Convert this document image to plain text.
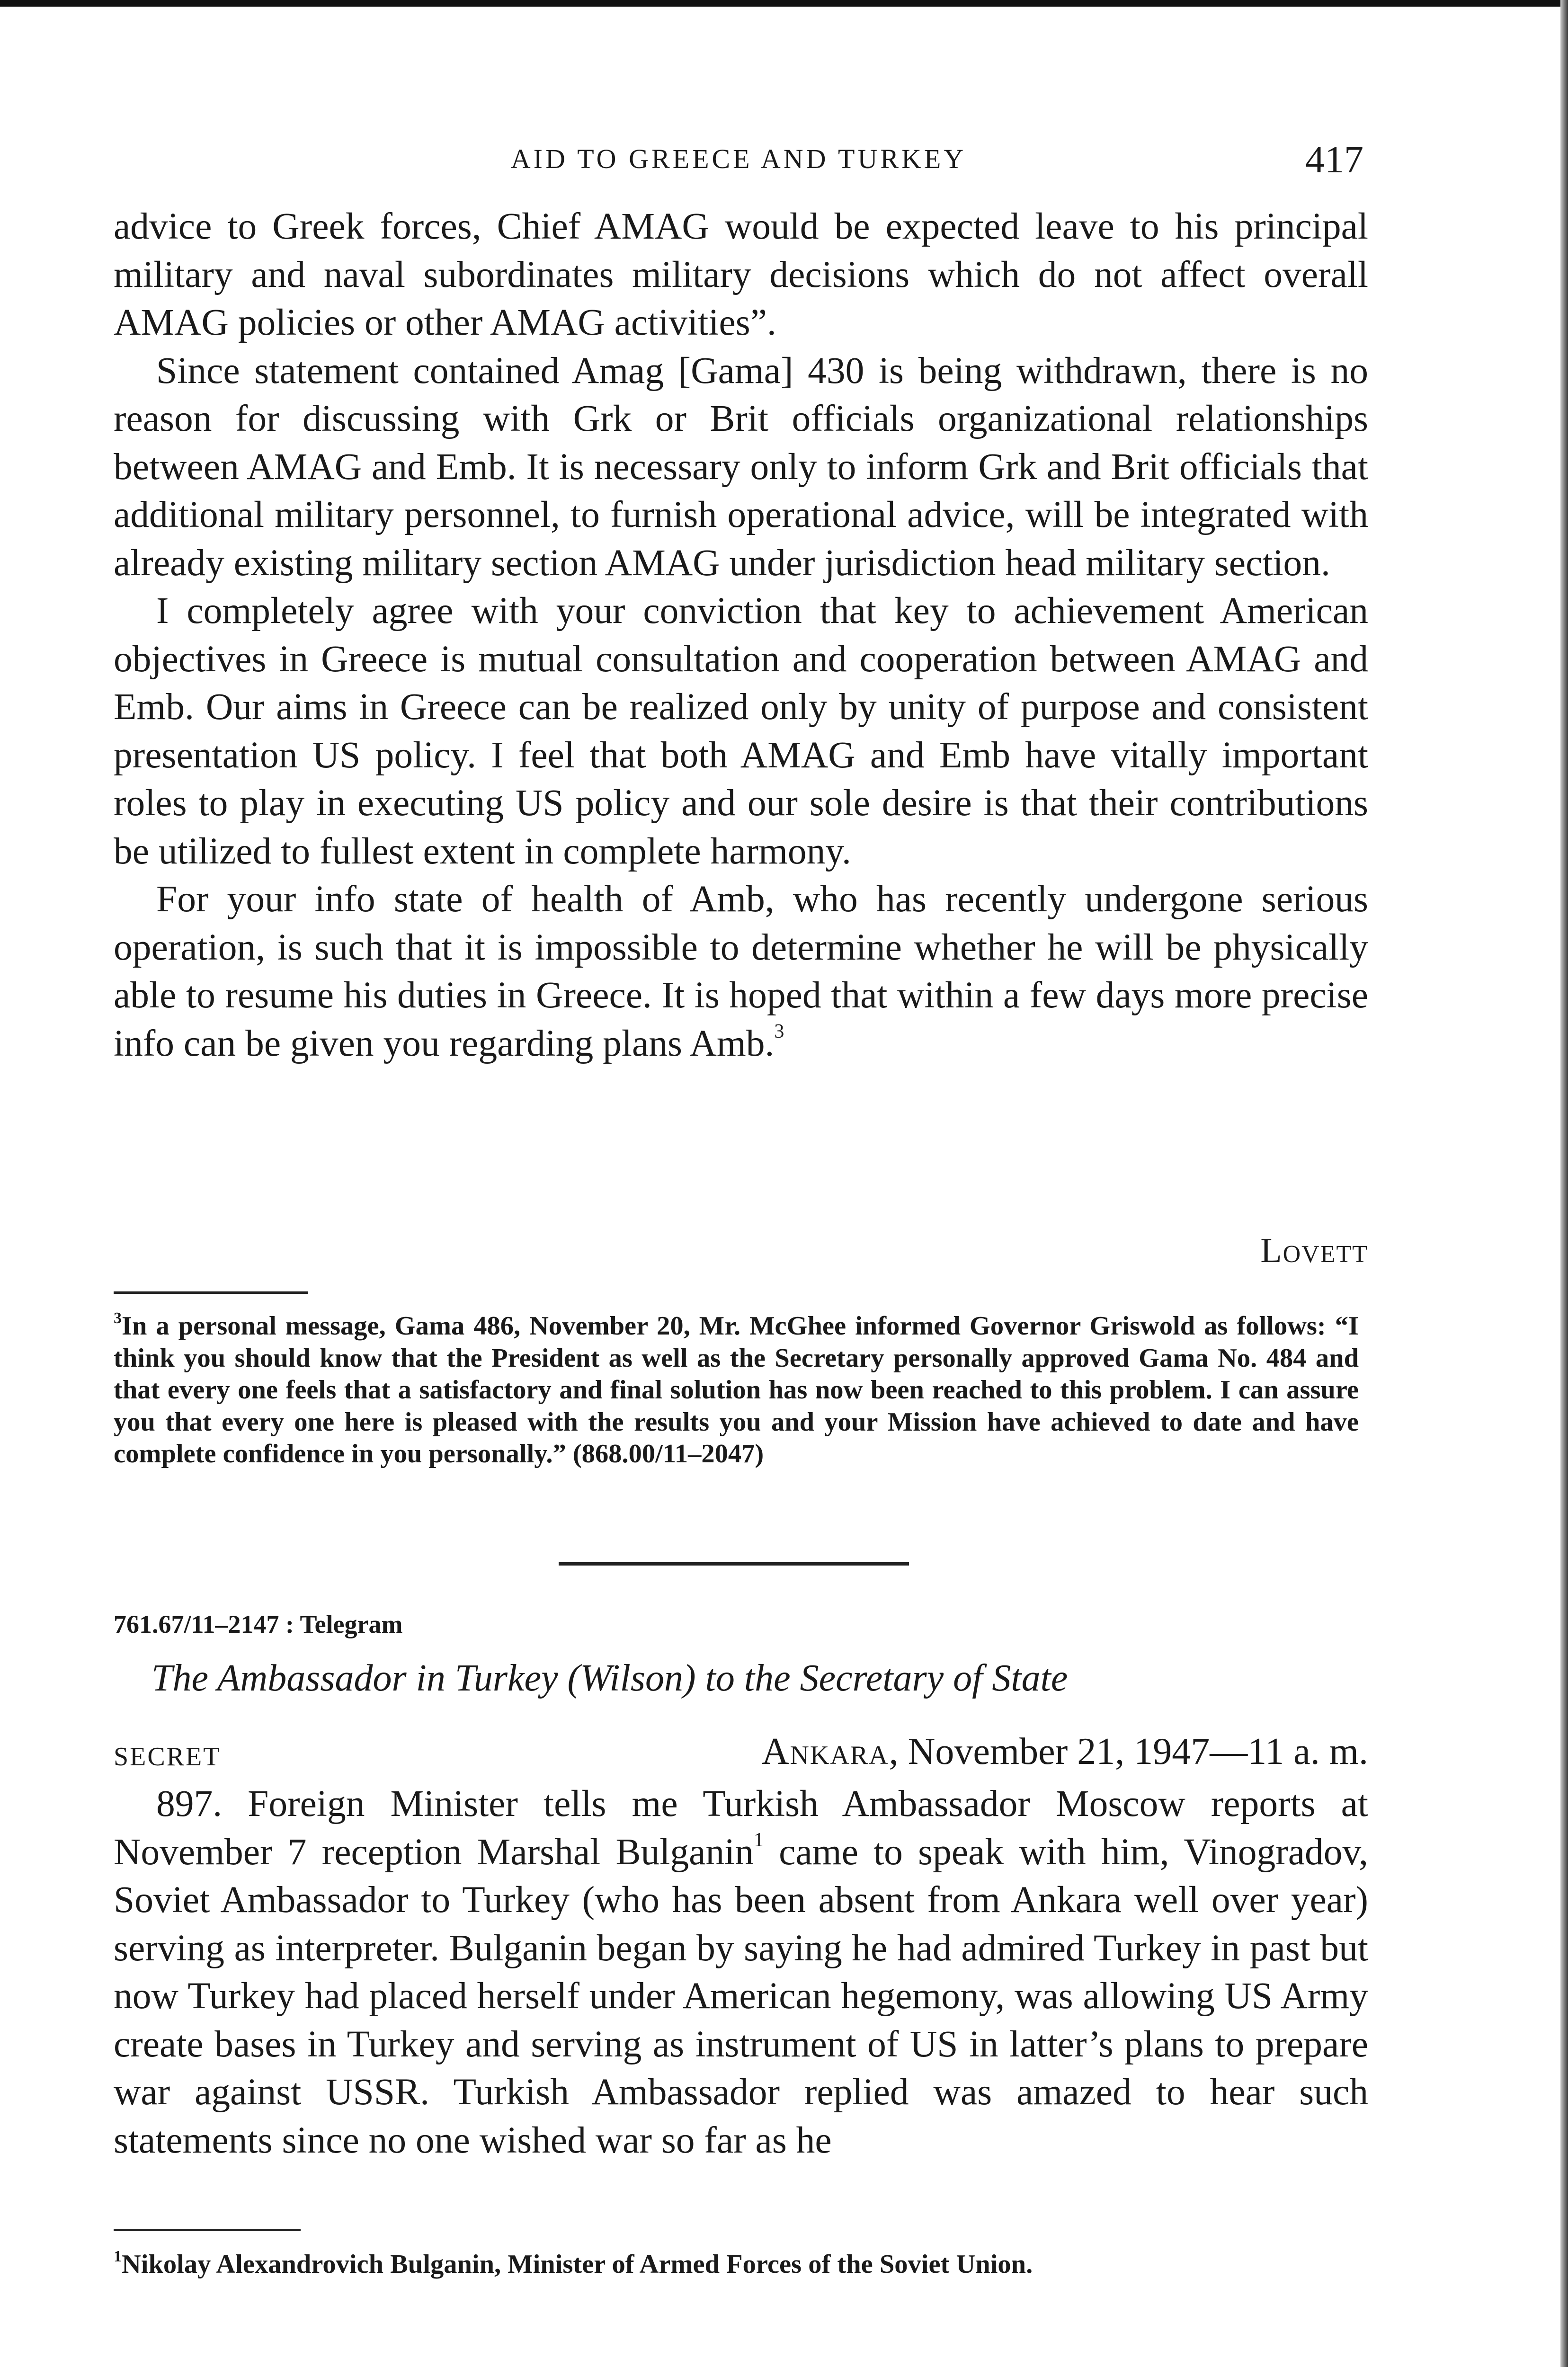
AID TO GREECE AND TURKEY	417

advice to Greek forces, Chief AMAG would be expected leave to his principal military and naval subordinates military decisions which do not affect overall AMAG policies or other AMAG activities”.

Since statement contained Amag [Gama] 430 is being withdrawn, there is no reason for discussing with Grk or Brit officials organizational relationships between AMAG and Emb. It is necessary only to inform Grk and Brit officials that additional military personnel, to furnish operational advice, will be integrated with already existing military section AMAG under jurisdiction head military section.

I completely agree with your conviction that key to achievement American objectives in Greece is mutual consultation and cooperation between AMAG and Emb. Our aims in Greece can be realized only by unity of purpose and consistent presentation US policy. I feel that both AMAG and Emb have vitally important roles to play in executing US policy and our sole desire is that their contributions be utilized to fullest extent in complete harmony.

For your info state of health of Amb, who has recently undergone serious operation, is such that it is impossible to determine whether he will be physically able to resume his duties in Greece. It is hoped that within a few days more precise info can be given you regarding plans Amb.$^3$

Lovett

$^3$In a personal message, Gama 486, November 20, Mr. McGhee informed Governor Griswold as follows: “I think you should know that the President as well as the Secretary personally approved Gama No. 484 and that every one feels that a satisfactory and final solution has now been reached to this problem. I can assure you that every one here is pleased with the results you and your Mission have achieved to date and have complete confidence in you personally.” (868.00/11–2047)

761.67/11–2147 : Telegram
The Ambassador in Turkey (Wilson) to the Secretary of State
SECRET	Ankara, November 21, 1947—11 a. m.

897. Foreign Minister tells me Turkish Ambassador Moscow reports at November 7 reception Marshal Bulganin$^1$ came to speak with him, Vinogradov, Soviet Ambassador to Turkey (who has been absent from Ankara well over year) serving as interpreter. Bulganin began by saying he had admired Turkey in past but now Turkey had placed herself under American hegemony, was allowing US Army create bases in Turkey and serving as instrument of US in latter’s plans to prepare war against USSR. Turkish Ambassador replied was amazed to hear such statements since no one wished war so far as he

$^1$Nikolay Alexandrovich Bulganin, Minister of Armed Forces of the Soviet Union.
